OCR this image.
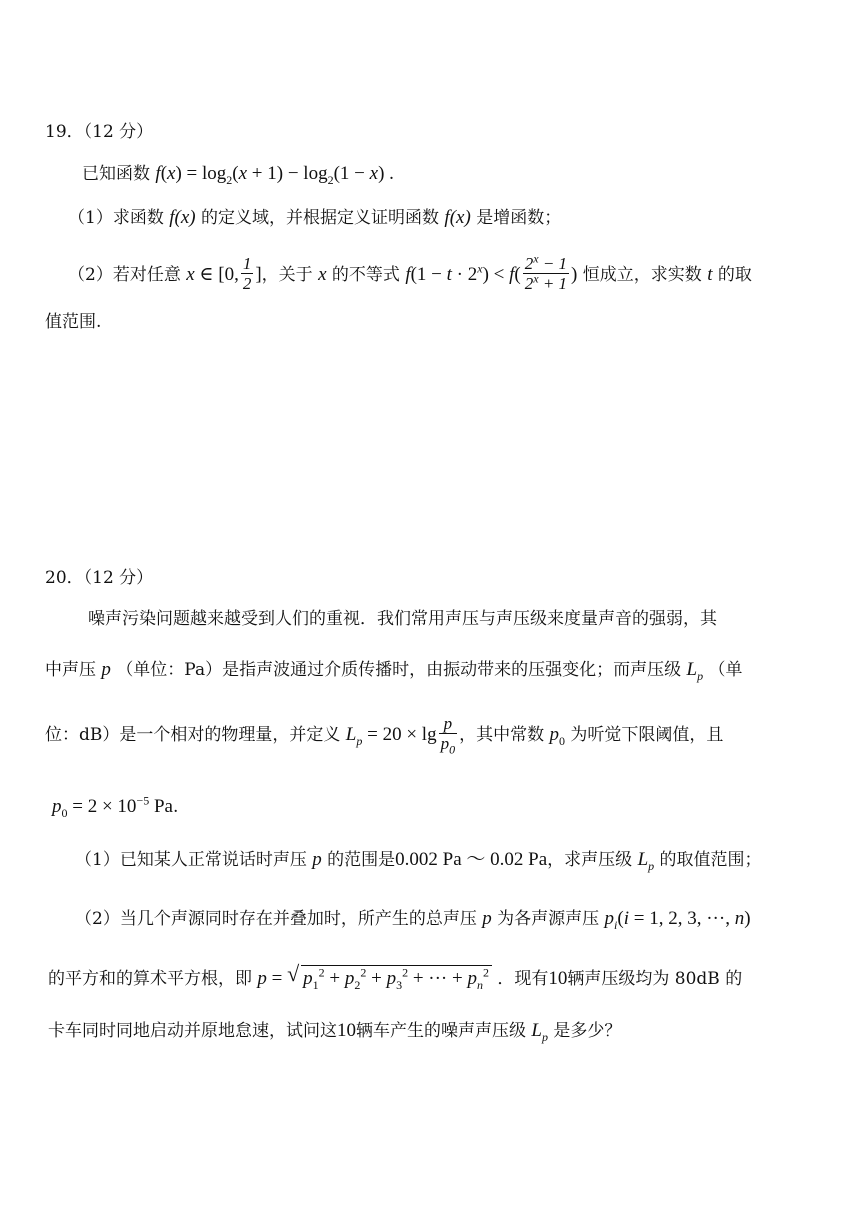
19．（12 分）
已知函数 $f(x) = \log_2(x + 1) - \log_2(1 - x)$ .
（1）求函数 f(x) 的定义域，并根据定义证明函数 f(x) 是增函数；
（2）若对任意 x ∈ [0, $\frac{1}{2}$ ]，关于 x 的不等式 $f(1 - t \cdot 2^x) < f( \frac{2^x - 1}{2^x + 1}$ ) 恒成立，求实数 t 的取
值范围.
20．（12 分）
噪声污染问题越来越受到人们的重视．我们常用声压与声压级来度量声音的强弱，其
中声压 p （单位：Pa）是指声波通过介质传播时，由振动带来的压强变化；而声压级 $L_p$ （单
位：dB）是一个相对的物理量，并定义 $L_p = 20 \times \lg \frac{p}{p_0}$ ，其中常数 $p_0$ 为听觉下限阈值，且
$p_0 = 2 \times 10^{-5}$ Pa.
（1）已知某人正常说话时声压 p 的范围是0.002 Pa ～ 0.02 Pa，求声压级 $L_p$ 的取值范围；
（2）当几个声源同时存在并叠加时，所产生的总声压 p 为各声源声压 $p_i(i = 1$, 2, 3, ···, n)
的平方和的算术平方根，即 p = √ $p_1^2 + p_2^2 + p_3^2$ + ··· + $p_n^2$ ．现有10辆声压级均为 80dB 的
卡车同时同地启动并原地怠速，试问这10辆车产生的噪声声压级 $L_p$ 是多少？
